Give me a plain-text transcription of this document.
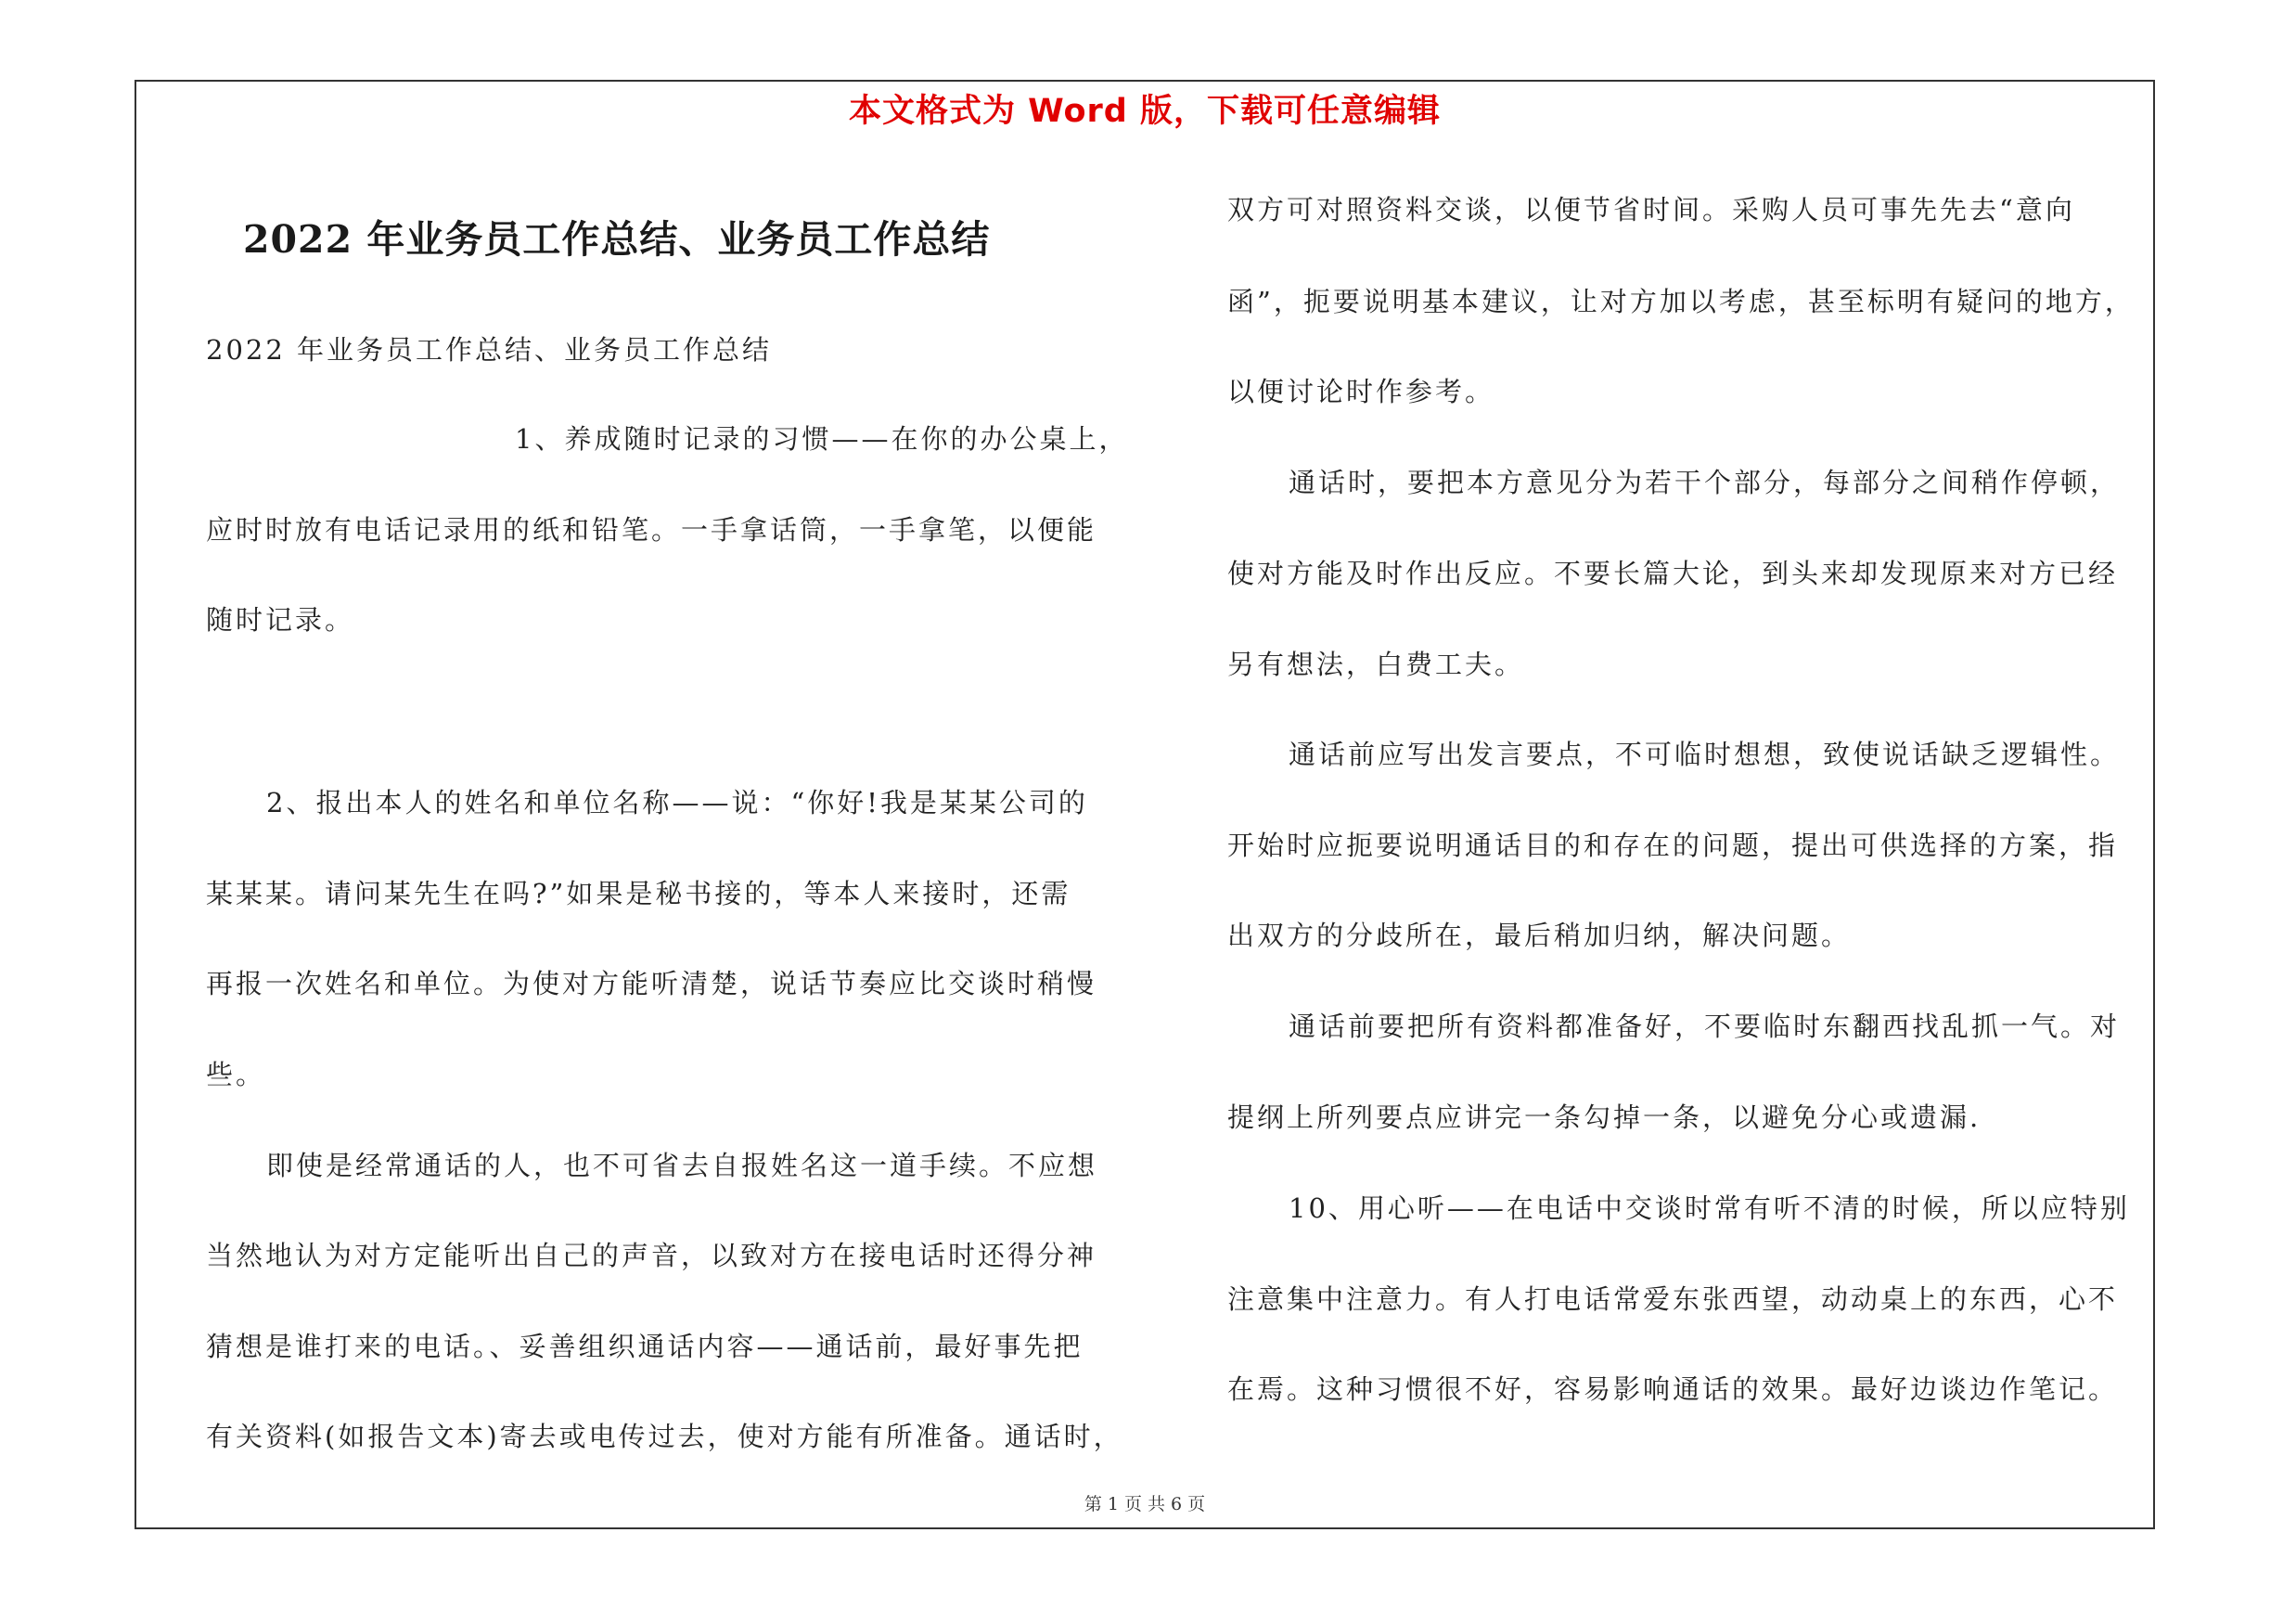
本文格式为 Word 版，下载可任意编辑
2022 年业务员工作总结、业务员工作总结
2022 年业务员工作总结、业务员工作总结
1、养成随时记录的习惯——在你的办公桌上，
应时时放有电话记录用的纸和铅笔。一手拿话筒，一手拿笔，以便能
随时记录。
2、报出本人的姓名和单位名称——说：“你好!我是某某公司的
某某某。请问某先生在吗?”如果是秘书接的，等本人来接时，还需
再报一次姓名和单位。为使对方能听清楚，说话节奏应比交谈时稍慢
些。
即使是经常通话的人，也不可省去自报姓名这一道手续。不应想
当然地认为对方定能听出自己的声音，以致对方在接电话时还得分神
猜想是谁打来的电话。、妥善组织通话内容——通话前，最好事先把
有关资料(如报告文本)寄去或电传过去，使对方能有所准备。通话时，
双方可对照资料交谈，以便节省时间。采购人员可事先先去“意向
函”，扼要说明基本建议，让对方加以考虑，甚至标明有疑问的地方，
以便讨论时作参考。
通话时，要把本方意见分为若干个部分，每部分之间稍作停顿，
使对方能及时作出反应。不要长篇大论，到头来却发现原来对方已经
另有想法，白费工夫。
通话前应写出发言要点，不可临时想想，致使说话缺乏逻辑性。
开始时应扼要说明通话目的和存在的问题，提出可供选择的方案，指
出双方的分歧所在，最后稍加归纳，解决问题。
通话前要把所有资料都准备好，不要临时东翻西找乱抓一气。对
提纲上所列要点应讲完一条勾掉一条，以避免分心或遗漏.
10、用心听——在电话中交谈时常有听不清的时候，所以应特别
注意集中注意力。有人打电话常爱东张西望，动动桌上的东西，心不
在焉。这种习惯很不好，容易影响通话的效果。最好边谈边作笔记。
第 1 页 共 6 页
